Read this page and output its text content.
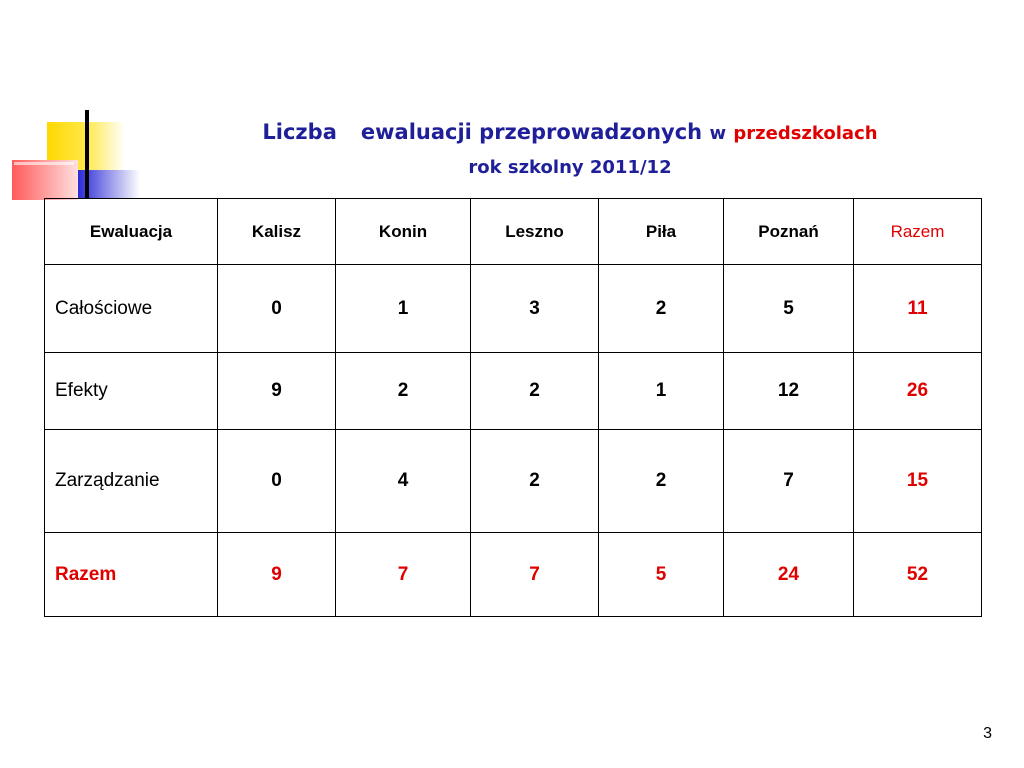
Liczba ewaluacji przeprowadzonych w przedszkolach
rok szkolny 2011/12
Ewaluacja	Kalisz	Konin	Leszno	Piła	Poznań	Razem
Całościowe	0	1	3	2	5	11
Efekty	9	2	2	1	12	26
Zarządzanie	0	4	2	2	7	15
Razem	9	7	7	5	24	52
3
